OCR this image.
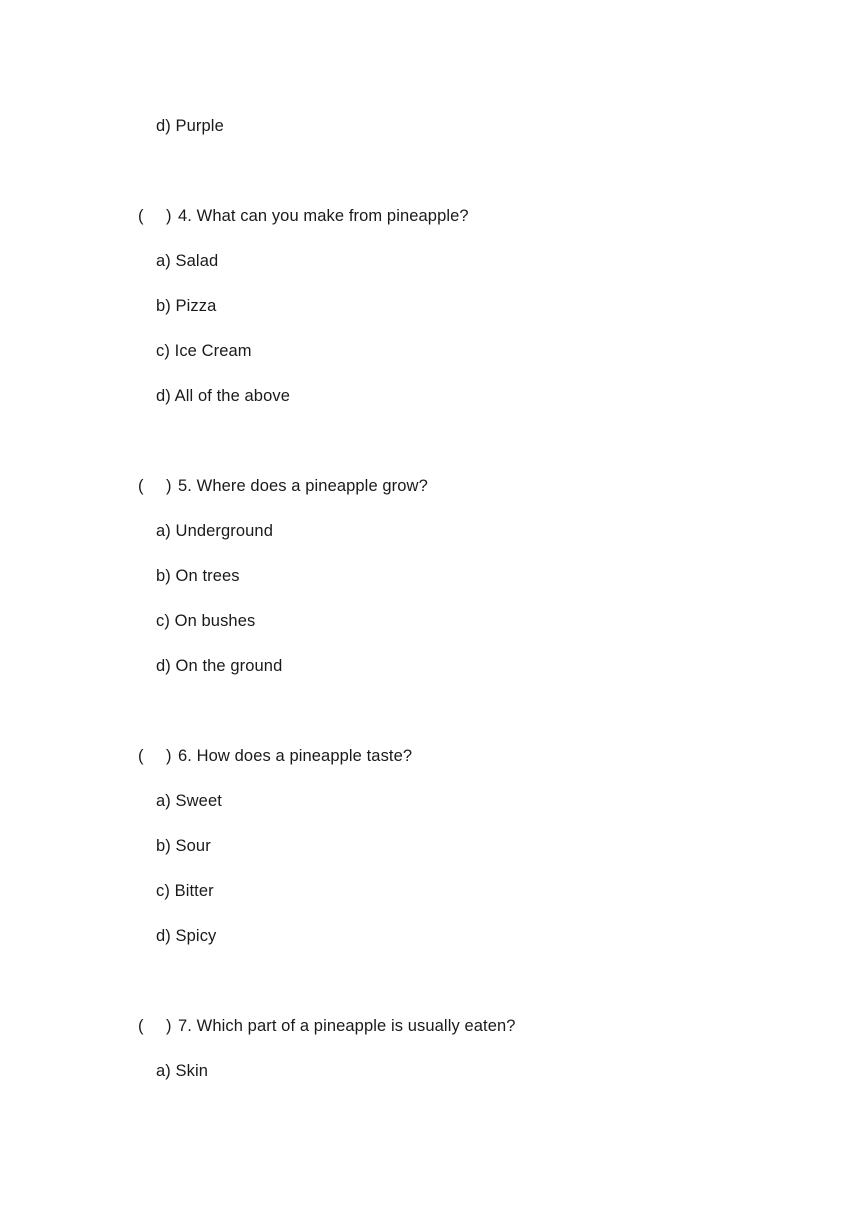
d) Purple
( ) 4. What can you make from pineapple?
a) Salad
b) Pizza
c) Ice Cream
d) All of the above
( ) 5. Where does a pineapple grow?
a) Underground
b) On trees
c) On bushes
d) On the ground
( ) 6. How does a pineapple taste?
a) Sweet
b) Sour
c) Bitter
d) Spicy
( ) 7. Which part of a pineapple is usually eaten?
a) Skin
